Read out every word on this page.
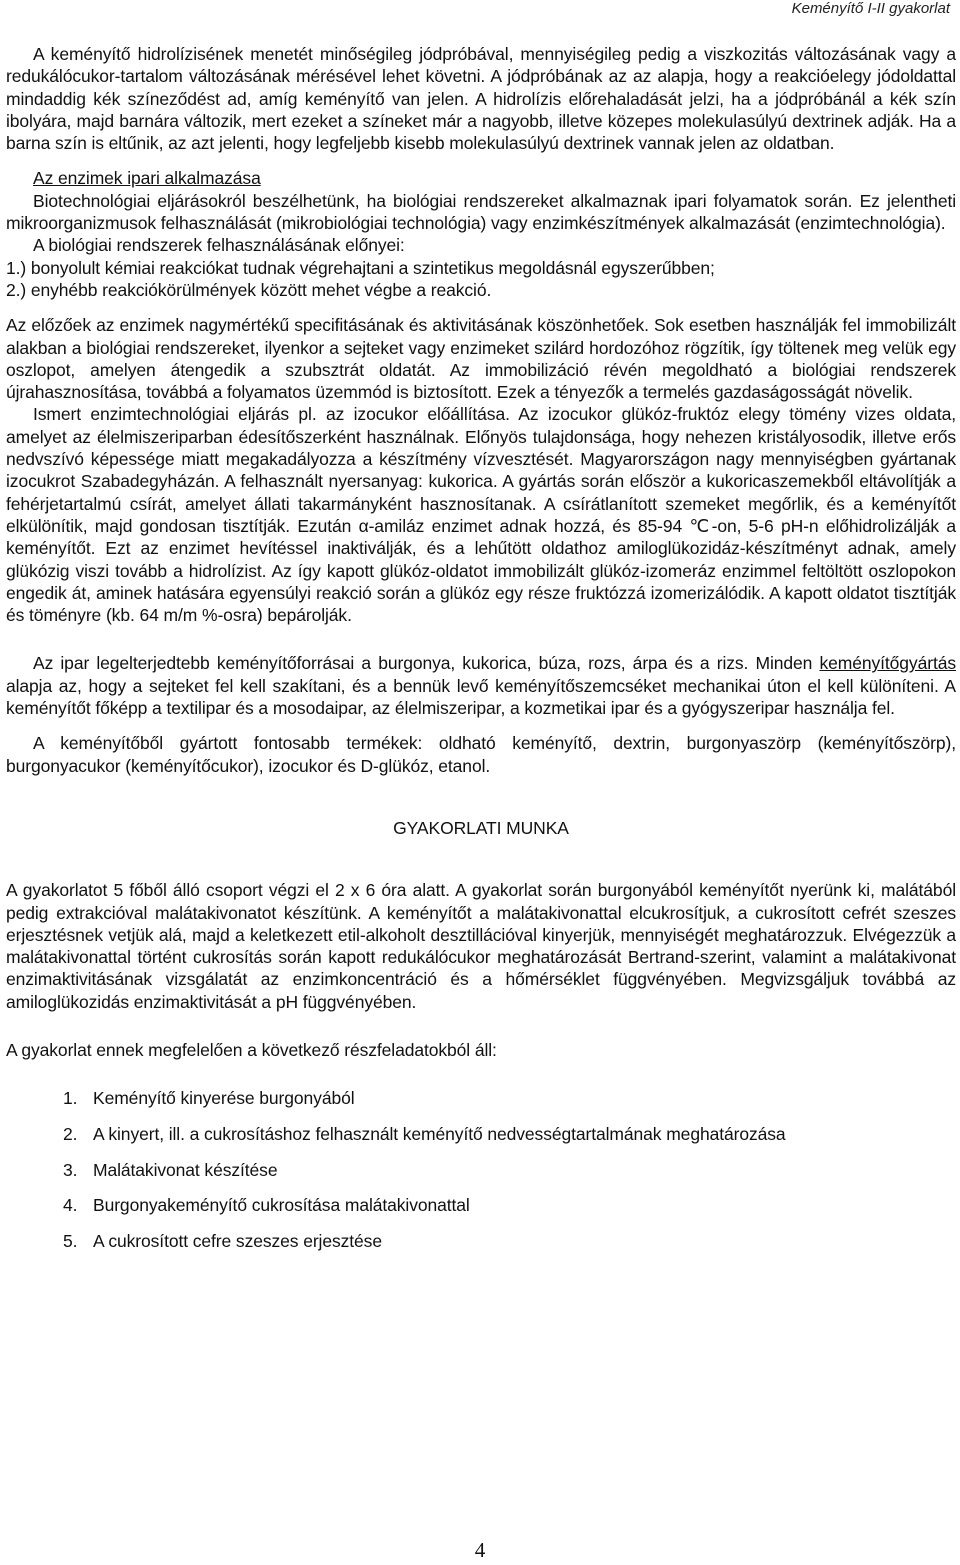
Keményítő I-II gyakorlat

A keményítő hidrolízisének menetét minőségileg jódpróbával, mennyiségileg pedig a viszkozitás változásának vagy a redukálócukor-tartalom változásának mérésével lehet követni. A jódpróbának az az alapja, hogy a reakcióelegy jódoldattal mindaddig kék színeződést ad, amíg keményítő van jelen. A hidrolízis előrehaladását jelzi, ha a jódpróbánál a kék szín ibolyára, majd barnára változik, mert ezeket a színeket már a nagyobb, illetve közepes molekulasúlyú dextrinek adják. Ha a barna szín is eltűnik, az azt jelenti, hogy legfeljebb kisebb molekulasúlyú dextrinek vannak jelen az oldatban.

Az enzimek ipari alkalmazása

Biotechnológiai eljárásokról beszélhetünk, ha biológiai rendszereket alkalmaznak ipari folyamatok során. Ez jelentheti mikroorganizmusok felhasználását (mikrobiológiai technológia) vagy enzimkészítmények alkalmazását (enzimtechnológia).

A biológiai rendszerek felhasználásának előnyei:

1.) bonyolult kémiai reakciókat tudnak végrehajtani a szintetikus megoldásnál egyszerűbben;

2.) enyhébb reakciókörülmények között mehet végbe a reakció.

Az előzőek az enzimek nagymértékű specifitásának és aktivitásának köszönhetőek. Sok esetben használják fel immobilizált alakban a biológiai rendszereket, ilyenkor a sejteket vagy enzimeket szilárd hordozóhoz rögzítik, így töltenek meg velük egy oszlopot, amelyen átengedik a szubsztrát oldatát. Az immobilizáció révén megoldható a biológiai rendszerek újrahasznosítása, továbbá a folyamatos üzemmód is biztosított. Ezek a tényezők a termelés gazdaságosságát növelik.

Ismert enzimtechnológiai eljárás pl. az izocukor előállítása. Az izocukor glükóz-fruktóz elegy tömény vizes oldata, amelyet az élelmiszeriparban édesítőszerként használnak. Előnyös tulajdonsága, hogy nehezen kristályosodik, illetve erős nedvszívó képessége miatt megakadályozza a készítmény vízvesztését. Magyarországon nagy mennyiségben gyártanak izocukrot Szabadegyházán. A felhasznált nyersanyag: kukorica. A gyártás során először a kukoricaszemekből eltávolítják a fehérjetartalmú csírát, amelyet állati takarmányként hasznosítanak. A csírátlanított szemeket megőrlik, és a keményítőt elkülönítik, majd gondosan tisztítják. Ezután α-amiláz enzimet adnak hozzá, és 85-94 ℃-on, 5-6 pH-n előhidrolizálják a keményítőt. Ezt az enzimet hevítéssel inaktiválják, és a lehűtött oldathoz amiloglükozidáz-készítményt adnak, amely glükózig viszi tovább a hidrolízist. Az így kapott glükóz-oldatot immobilizált glükóz-izomeráz enzimmel feltöltött oszlopokon engedik át, aminek hatására egyensúlyi reakció során a glükóz egy része fruktózzá izomerizálódik. A kapott oldatot tisztítják és töményre (kb. 64 m/m %-osra) bepárolják.

Az ipar legelterjedtebb keményítőforrásai a burgonya, kukorica, búza, rozs, árpa és a rizs. Minden keményítőgyártás alapja az, hogy a sejteket fel kell szakítani, és a bennük levő keményítőszemcséket mechanikai úton el kell különíteni. A keményítőt főképp a textilipar és a mosodaipar, az élelmiszeripar, a kozmetikai ipar és a gyógyszeripar használja fel.

A keményítőből gyártott fontosabb termékek: oldható keményítő, dextrin, burgonyaszörp (keményítőszörp), burgonyacukor (keményítőcukor), izocukor és D-glükóz, etanol.

GYAKORLATI MUNKA

A gyakorlatot 5 főből álló csoport végzi el 2 x 6 óra alatt. A gyakorlat során burgonyából keményítőt nyerünk ki, malátából pedig extrakcióval malátakivonatot készítünk. A keményítőt a malátakivonattal elcukrosítjuk, a cukrosított cefrét szeszes erjesztésnek vetjük alá, majd a keletkezett etil-alkoholt desztillációval kinyerjük, mennyiségét meghatározzuk. Elvégezzük a malátakivonattal történt cukrosítás során kapott redukálócukor meghatározását Bertrand-szerint, valamint a malátakivonat enzimaktivitásának vizsgálatát az enzimkoncentráció és a hőmérséklet függvényében. Megvizsgáljuk továbbá az amiloglükozidás enzimaktivitását a pH függvényében.

A gyakorlat ennek megfelelően a következő részfeladatokból áll:

1. Keményítő kinyerése burgonyából
2. A kinyert, ill. a cukrosításhoz felhasznált keményítő nedvességtartalmának meghatározása
3. Malátakivonat készítése
4. Burgonyakeményítő cukrosítása malátakivonattal
5. A cukrosított cefre szeszes erjesztése
4
